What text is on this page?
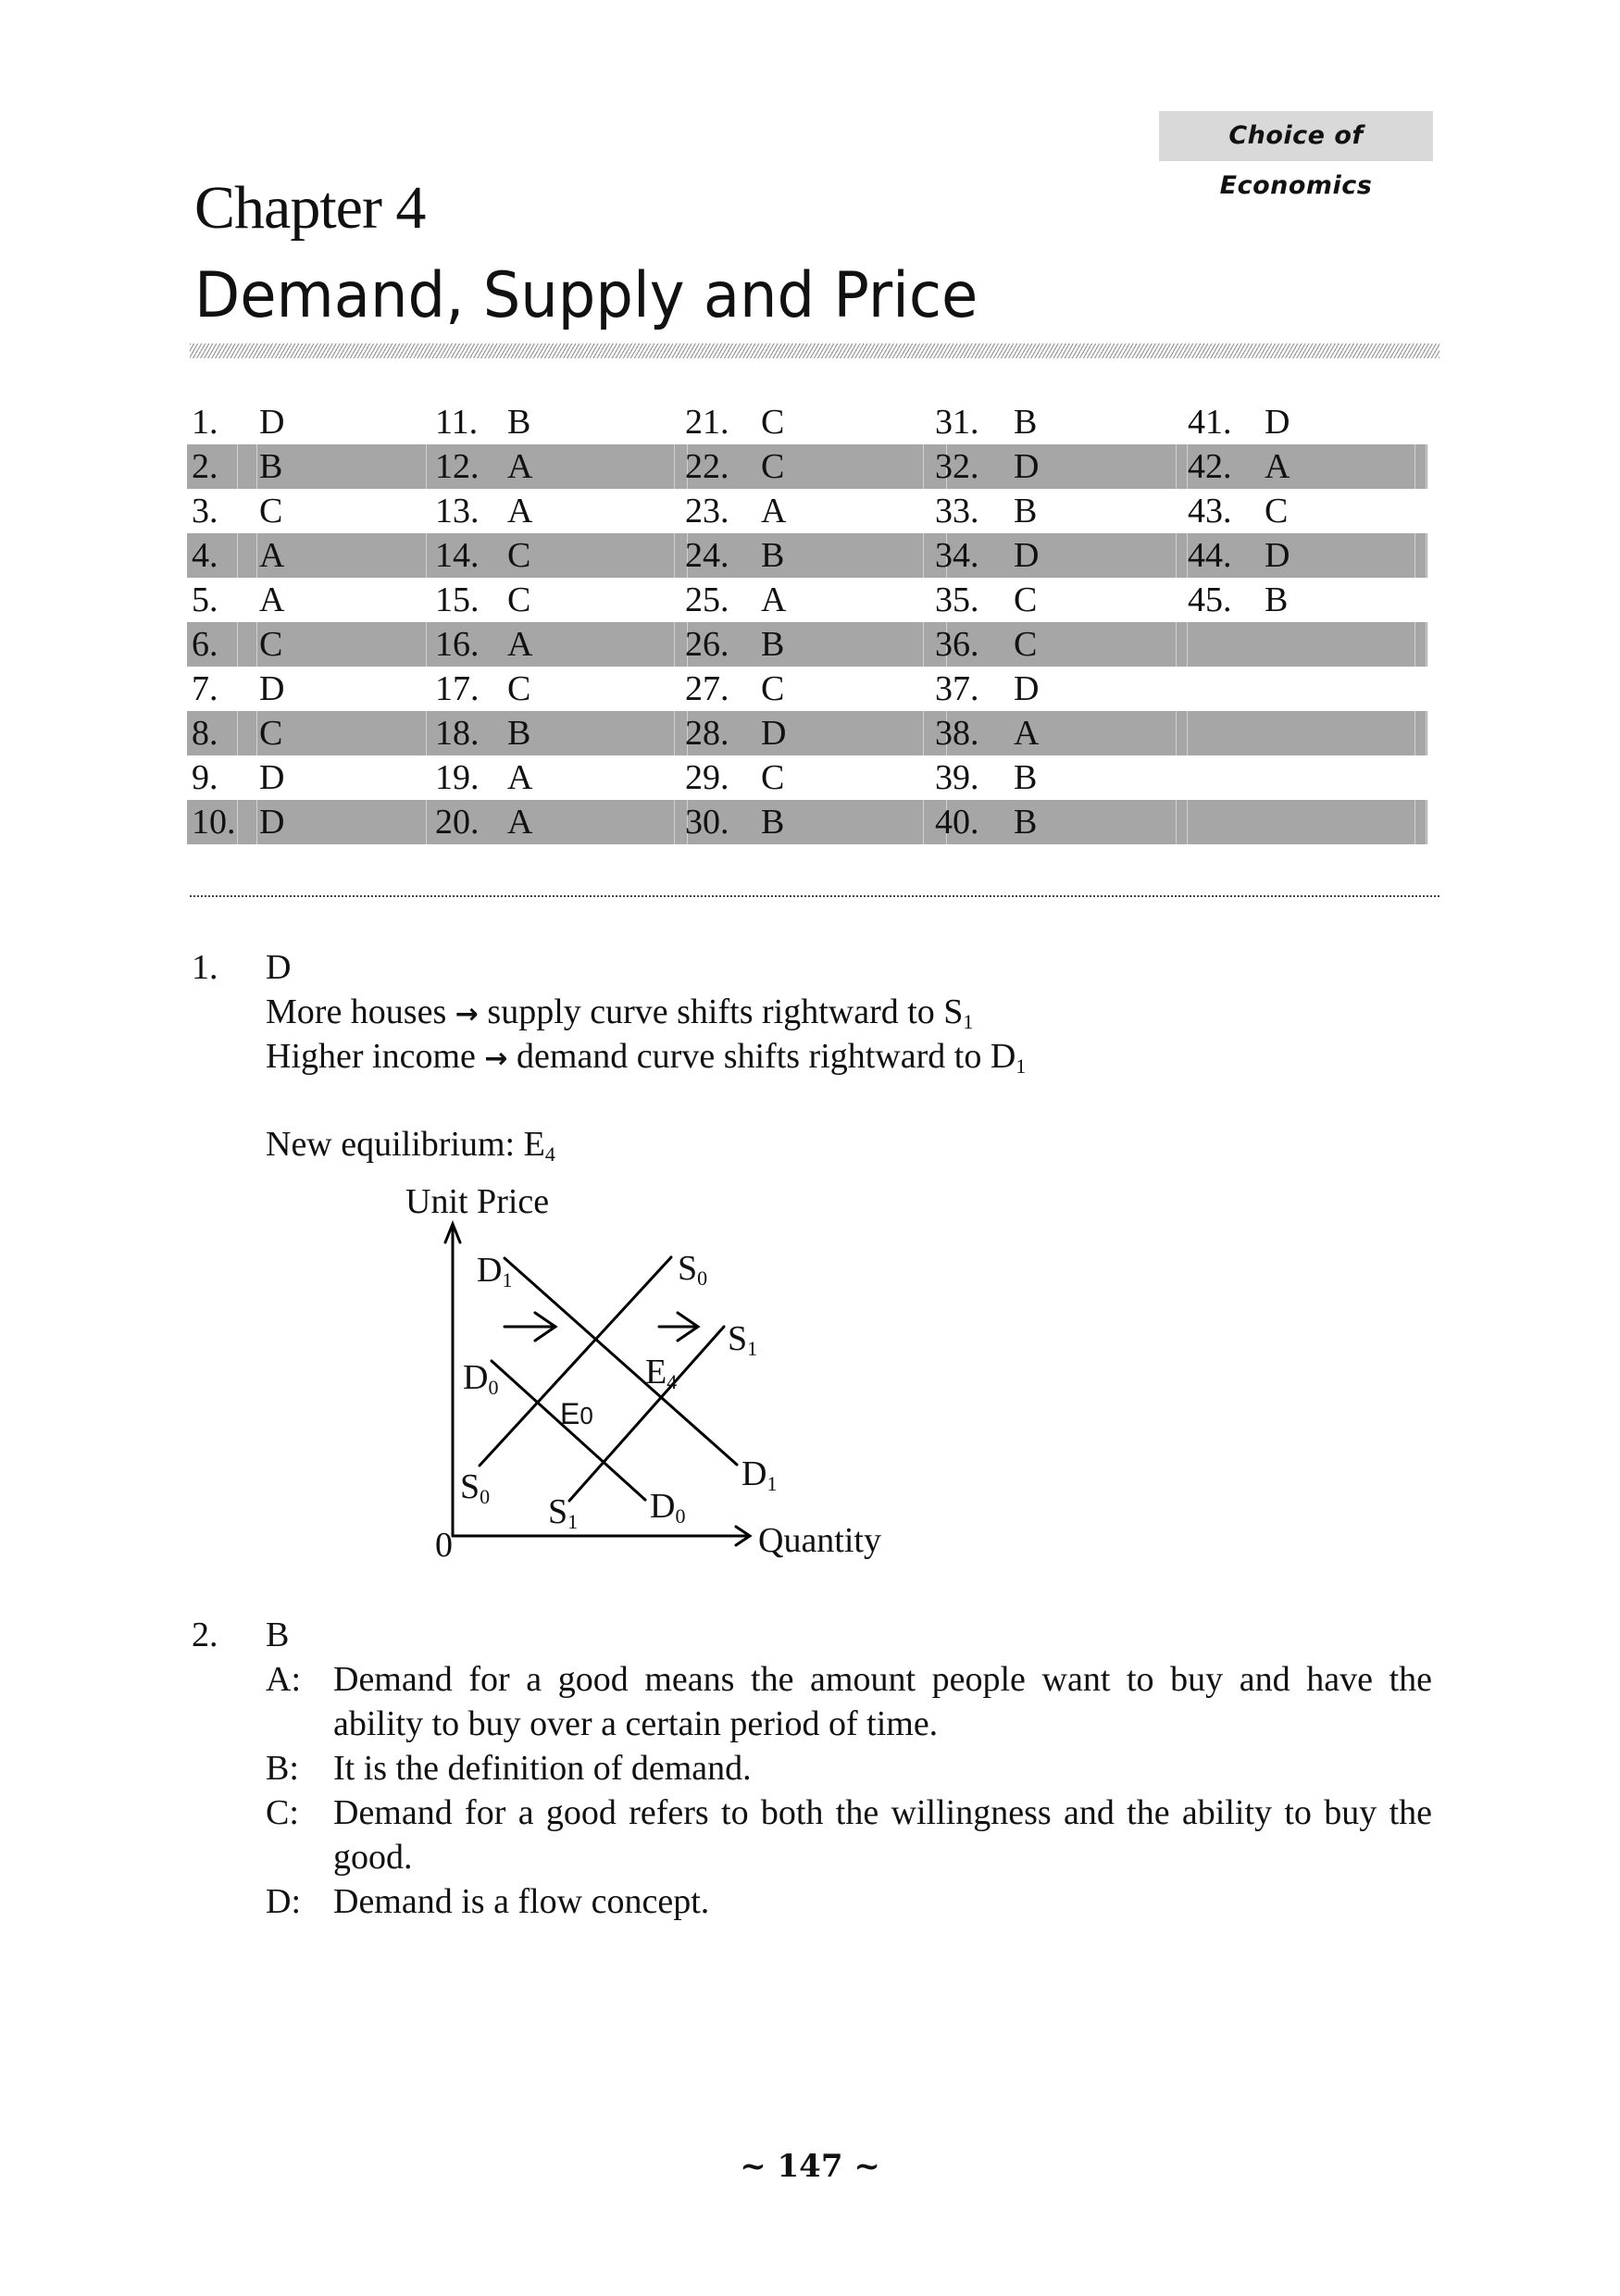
Choice of Economics
Chapter 4
Demand, Supply and Price
1. D	11. B	21. C	31. B	41. D
2. B	12. A	22. C	32. D	42. A
3. C	13. A	23. A	33. B	43. C
4. A	14. C	24. B	34. D	44. D
5. A	15. C	25. A	35. C	45. B
6. C	16. A	26. B	36. C
7. D	17. C	27. C	37. D
8. C	18. B	28. D	38. A
9. D	19. A	29. C	39. B
10. D	20. A	30. B	40. B
1. D
More houses → supply curve shifts rightward to $S_1$
Higher income → demand curve shifts rightward to $D_1$
New equilibrium: $E_4$
Unit Price
Quantity
0
$D_1$	$S_0$
$S_1$
$D_0$	$E_4$
E0
$S_0$ $S_1$ $D_0$
$D_1$
2. B
A: Demand for a good means the amount people want to buy and have the ability to buy over a certain period of time.
B: It is the definition of demand.
C: Demand for a good refers to both the willingness and the ability to buy the good.
D: Demand is a flow concept.
~ 147 ~
